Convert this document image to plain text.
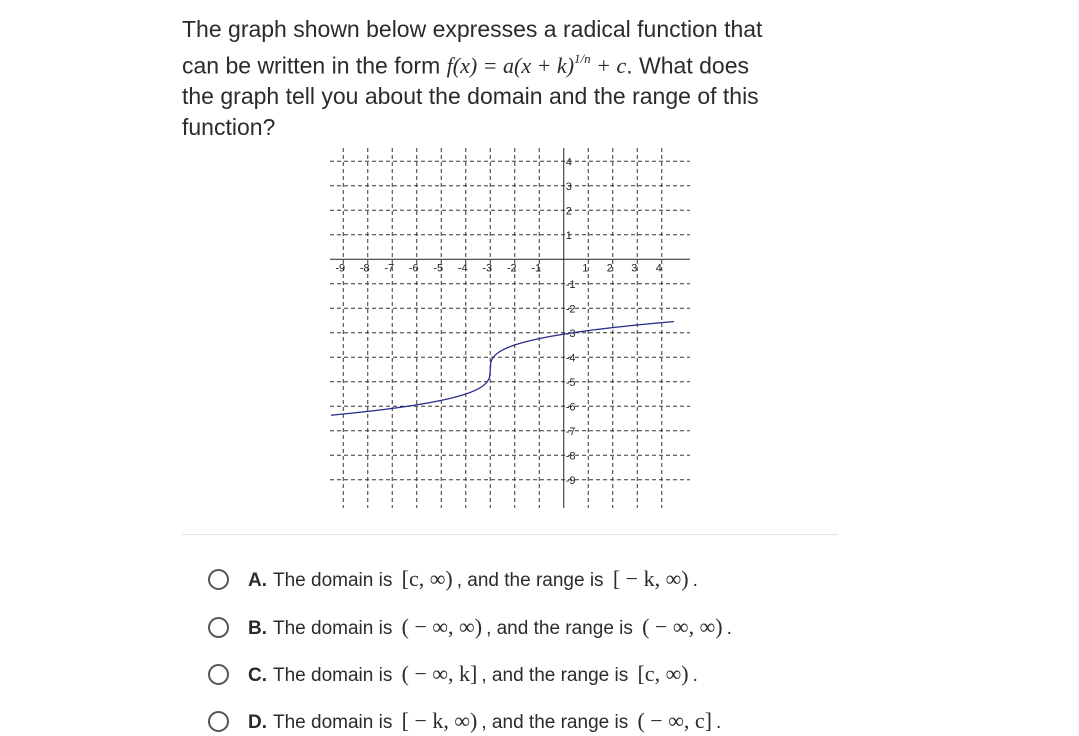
The graph shown below expresses a radical function that
can be written in the form $f(x) = a(x + k)^{1/n} + c$. What does
the graph tell you about the domain and the range of this
function?
-9 -8 -7 -6 -5 -4 -3 -2 -1	1 2 3 4
4
3
2
1
-1
-2
-3
-4
-5
-6
-7
-8
-9
A. The domain is [c, ∞) , and the range is [ − k, ∞) .
B. The domain is ( − ∞, ∞) , and the range is ( − ∞, ∞) .
C. The domain is ( − ∞, k] , and the range is [c, ∞) .
D. The domain is [ − k, ∞) , and the range is ( − ∞, c] .
